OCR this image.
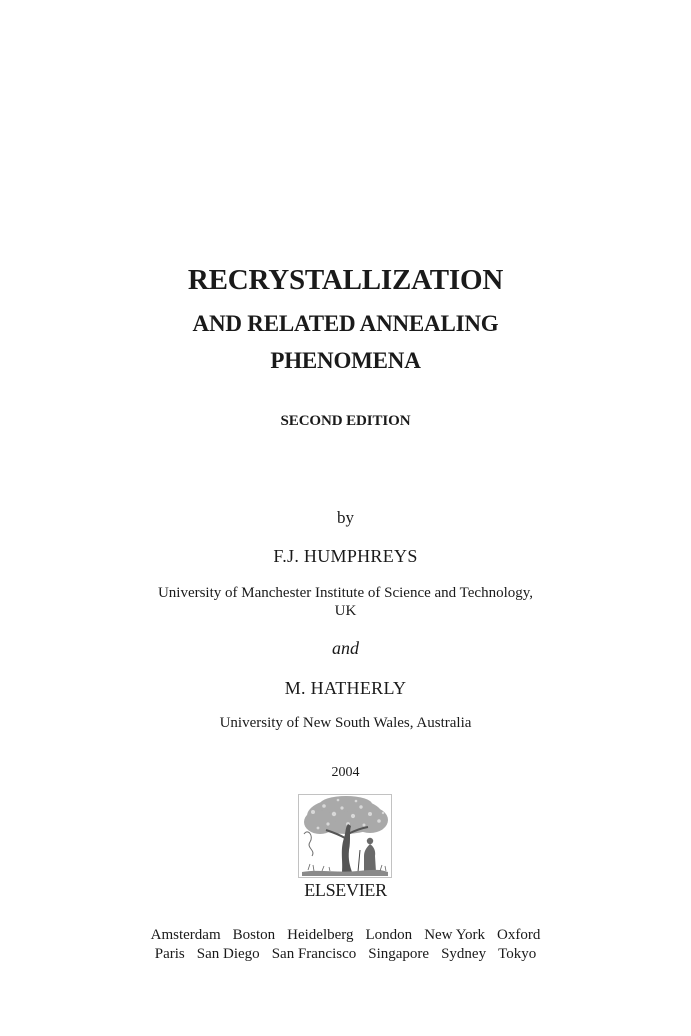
RECRYSTALLIZATION
AND RELATED ANNEALING
PHENOMENA
SECOND EDITION
by
F.J. HUMPHREYS
University of Manchester Institute of Science and Technology,
UK
and
M. HATHERLY
University of New South Wales, Australia
2004
ELSEVIER
Amsterdam Boston Heidelberg London New York Oxford
Paris San Diego San Francisco Singapore Sydney Tokyo
